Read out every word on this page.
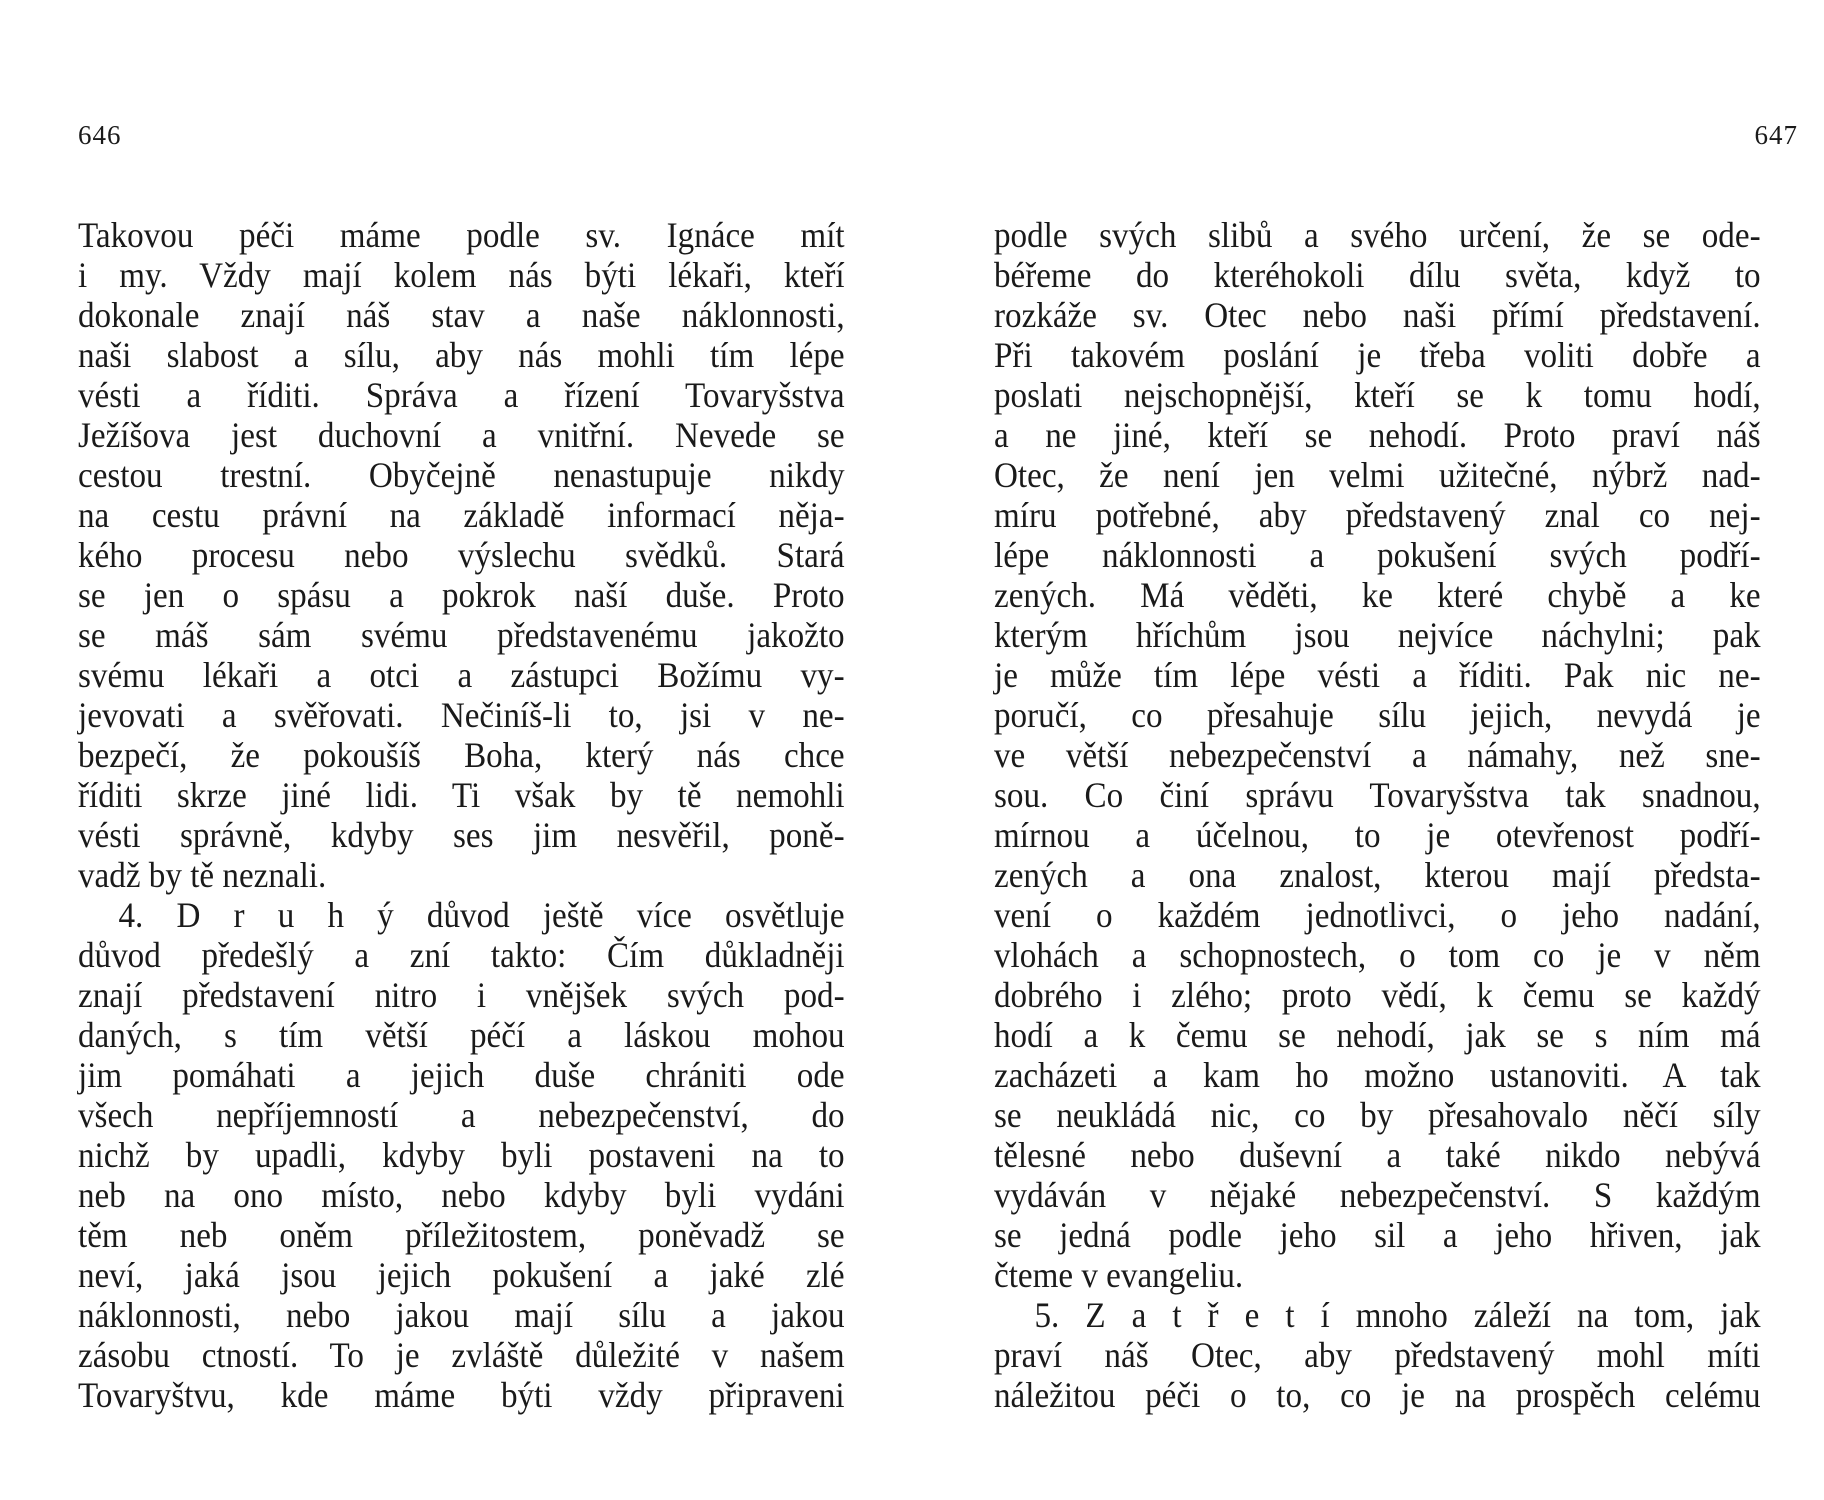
646	647
Takovou péči máme podle sv. Ignáce mít
i my. Vždy mají kolem nás býti lékaři, kteří
dokonale znají náš stav a naše náklonnosti,
naši slabost a sílu, aby nás mohli tím lépe
vésti a říditi. Správa a řízení Tovaryšstva
Ježíšova jest duchovní a vnitřní. Nevede se
cestou trestní. Obyčejně nenastupuje nikdy
na cestu právní na základě informací něja-
kého procesu nebo výslechu svědků. Stará
se jen o spásu a pokrok naší duše. Proto
se máš sám svému představenému jakožto
svému lékaři a otci a zástupci Božímu vy-
jevovati a svěřovati. Nečiníš-li to, jsi v ne-
bezpečí, že pokoušíš Boha, který nás chce
říditi skrze jiné lidi. Ti však by tě nemohli
vésti správně, kdyby ses jim nesvěřil, poně-
vadž by tě neznali.
4. D r u h ý důvod ještě více osvětluje
důvod předešlý a zní takto: Čím důkladněji
znají představení nitro i vnějšek svých pod-
daných, s tím větší péčí a láskou mohou
jim pomáhati a jejich duše chrániti ode
všech nepříjemností a nebezpečenství, do
nichž by upadli, kdyby byli postaveni na to
neb na ono místo, nebo kdyby byli vydáni
těm neb oněm příležitostem, poněvadž se
neví, jaká jsou jejich pokušení a jaké zlé
náklonnosti, nebo jakou mají sílu a jakou
zásobu ctností. To je zvláště důležité v našem
Tovaryštvu, kde máme býti vždy připraveni
podle svých slibů a svého určení, že se ode-
béřeme do kteréhokoli dílu světa, když to
rozkáže sv. Otec nebo naši přímí představení.
Při takovém poslání je třeba voliti dobře a
poslati nejschopnější, kteří se k tomu hodí,
a ne jiné, kteří se nehodí. Proto praví náš
Otec, že není jen velmi užitečné, nýbrž nad-
míru potřebné, aby představený znal co nej-
lépe náklonnosti a pokušení svých podří-
zených. Má věděti, ke které chybě a ke
kterým hříchům jsou nejvíce náchylni; pak
je může tím lépe vésti a říditi. Pak nic ne-
poručí, co přesahuje sílu jejich, nevydá je
ve větší nebezpečenství a námahy, než sne-
sou. Co činí správu Tovaryšstva tak snadnou,
mírnou a účelnou, to je otevřenost podří-
zených a ona znalost, kterou mají předsta-
vení o každém jednotlivci, o jeho nadání,
vlohách a schopnostech, o tom co je v něm
dobrého i zlého; proto vědí, k čemu se každý
hodí a k čemu se nehodí, jak se s ním má
zacházeti a kam ho možno ustanoviti. A tak
se neukládá nic, co by přesahovalo něčí síly
tělesné nebo duševní a také nikdo nebývá
vydáván v nějaké nebezpečenství. S každým
se jedná podle jeho sil a jeho hřiven, jak
čteme v evangeliu.
5. Z a t ř e t í mnoho záleží na tom, jak
praví náš Otec, aby představený mohl míti
náležitou péči o to, co je na prospěch celému
